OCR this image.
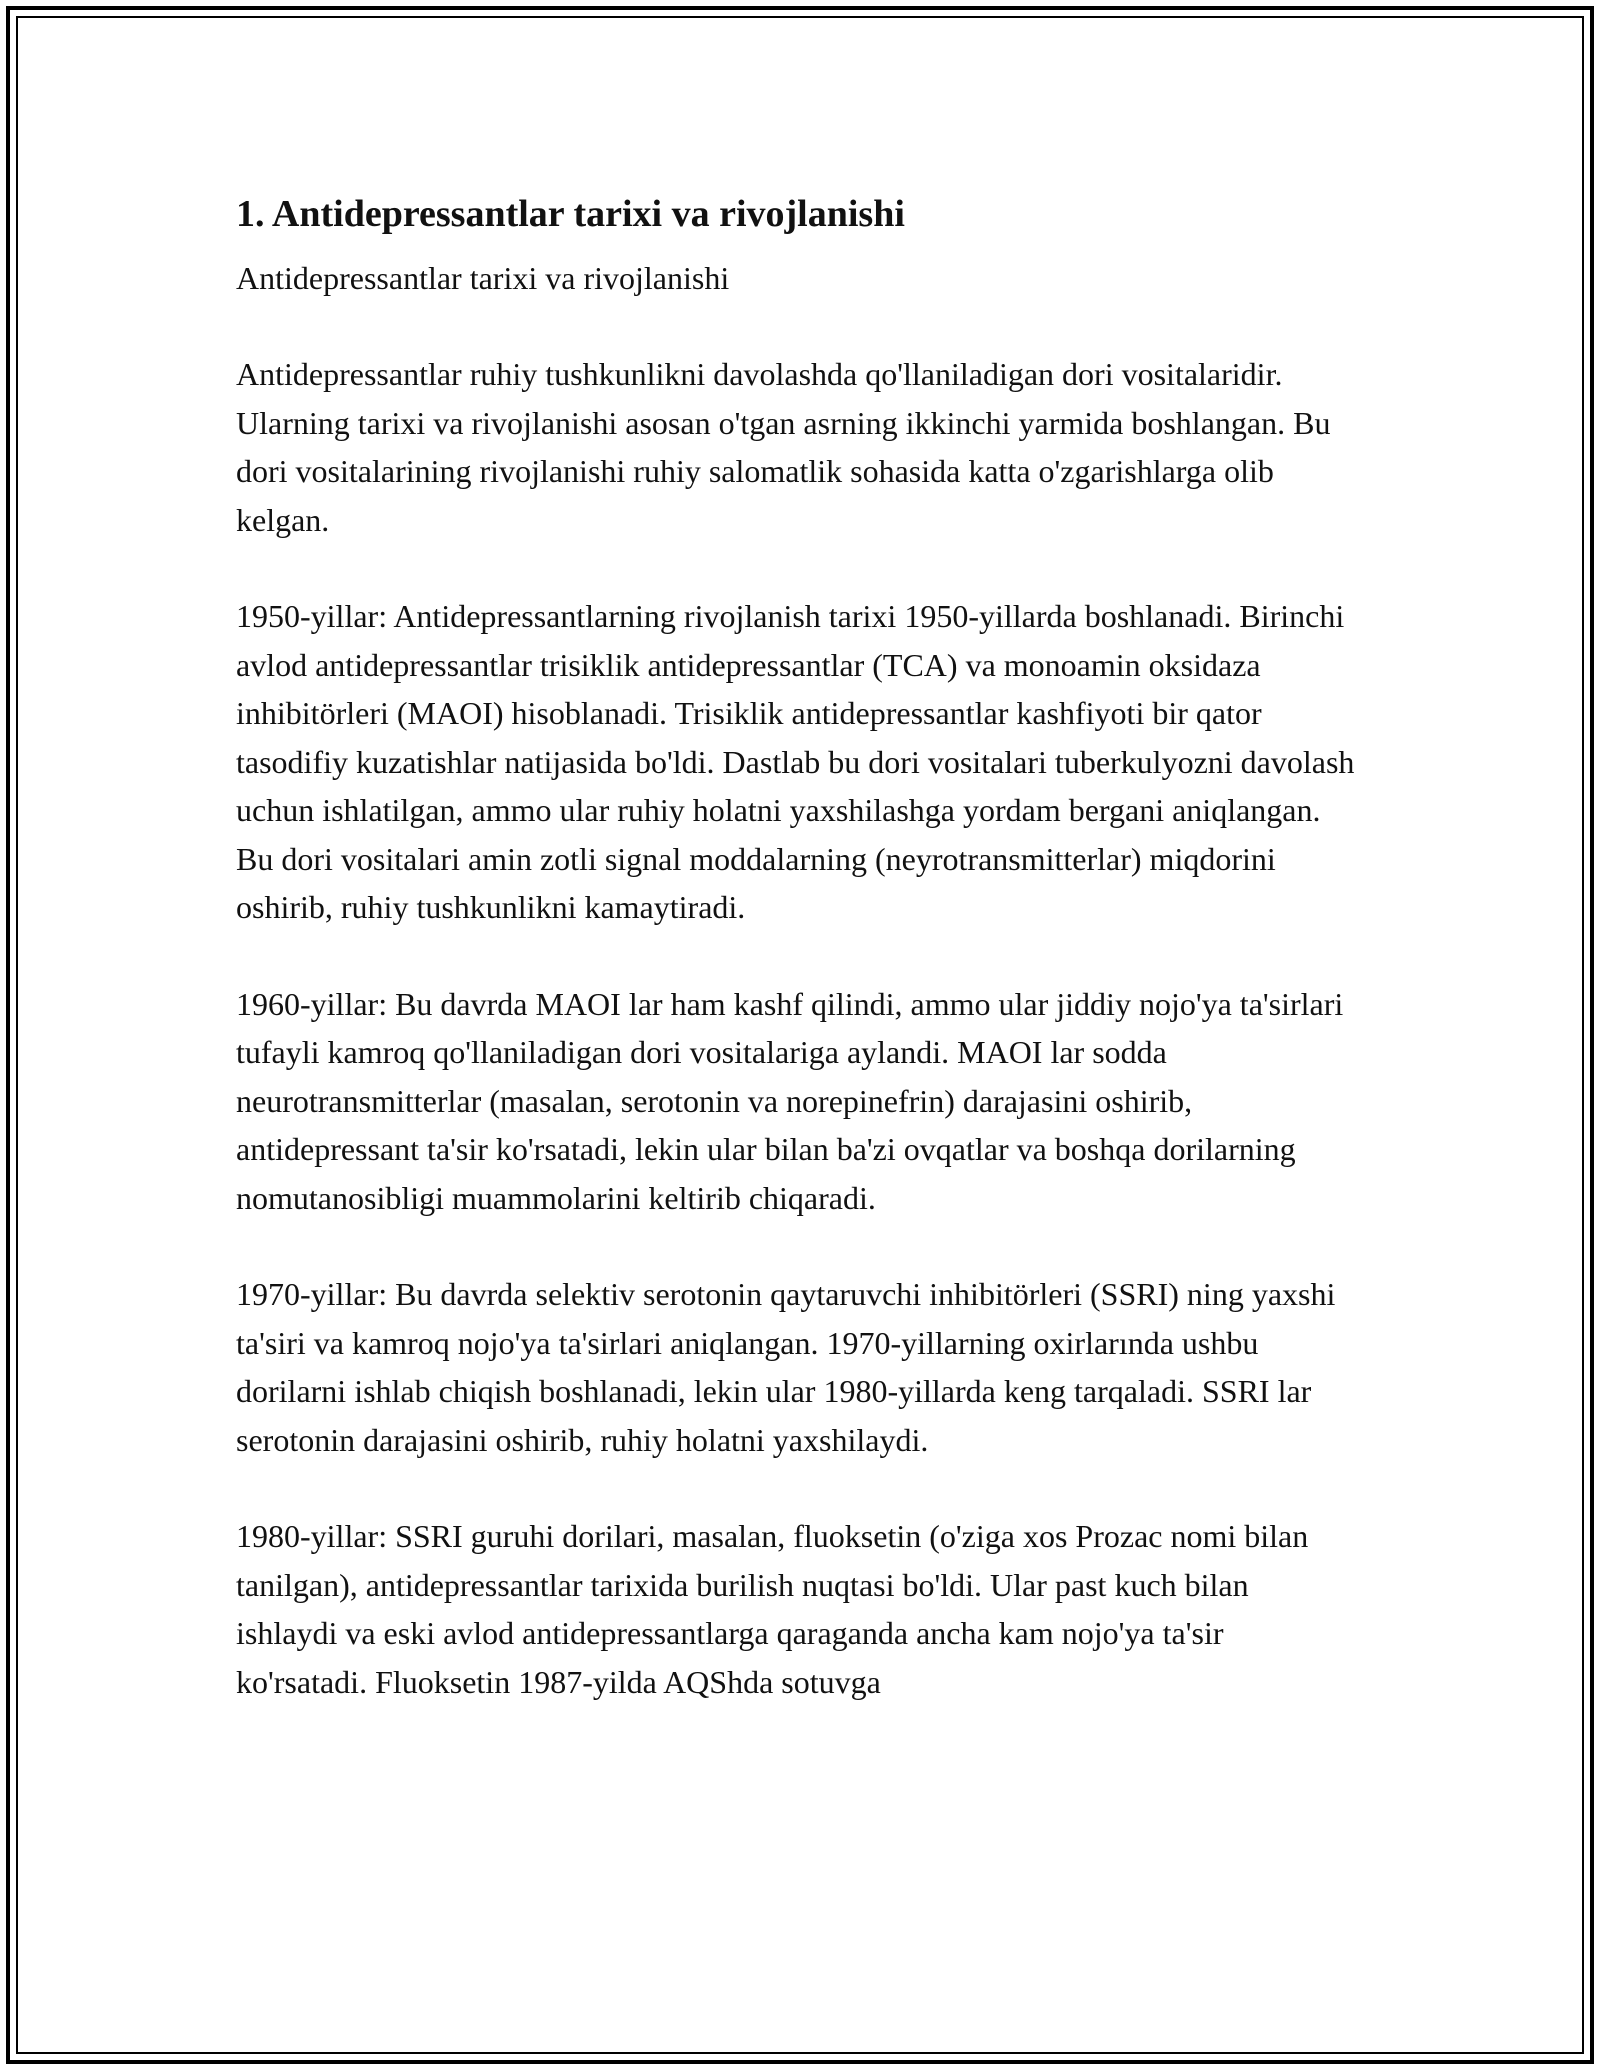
1. Antidepressantlar tarixi va rivojlanishi

Antidepressantlar tarixi va rivojlanishi

Antidepressantlar ruhiy tushkunlikni davolashda qo'llaniladigan dori vositalaridir. Ularning tarixi va rivojlanishi asosan o'tgan asrning ikkinchi yarmida boshlangan. Bu dori vositalarining rivojlanishi ruhiy salomatlik sohasida katta o'zgarishlarga olib kelgan.

1950-yillar: Antidepressantlarning rivojlanish tarixi 1950-yillarda boshlanadi. Birinchi avlod antidepressantlar trisiklik antidepressantlar (TCA) va monoamin oksidaza inhibitörleri (MAOI) hisoblanadi. Trisiklik antidepressantlar kashfiyoti bir qator tasodifiy kuzatishlar natijasida bo'ldi. Dastlab bu dori vositalari tuberkulyozni davolash uchun ishlatilgan, ammo ular ruhiy holatni yaxshilashga yordam bergani aniqlangan. Bu dori vositalari amin zotli signal moddalarning (neyrotransmitterlar) miqdorini oshirib, ruhiy tushkunlikni kamaytiradi.

1960-yillar: Bu davrda MAOI lar ham kashf qilindi, ammo ular jiddiy nojo'ya ta'sirlari tufayli kamroq qo'llaniladigan dori vositalariga aylandi. MAOI lar sodda neurotransmitterlar (masalan, serotonin va norepinefrin) darajasini oshirib, antidepressant ta'sir ko'rsatadi, lekin ular bilan ba'zi ovqatlar va boshqa dorilarning nomutanosibligi muammolarini keltirib chiqaradi.

1970-yillar: Bu davrda selektiv serotonin qaytaruvchi inhibitörleri (SSRI) ning yaxshi ta'siri va kamroq nojo'ya ta'sirlari aniqlangan. 1970-yillarning oxirlarında ushbu dorilarni ishlab chiqish boshlanadi, lekin ular 1980-yillarda keng tarqaladi. SSRI lar serotonin darajasini oshirib, ruhiy holatni yaxshilaydi.

1980-yillar: SSRI guruhi dorilari, masalan, fluoksetin (o'ziga xos Prozac nomi bilan tanilgan), antidepressantlar tarixida burilish nuqtasi bo'ldi. Ular past kuch bilan ishlaydi va eski avlod antidepressantlarga qaraganda ancha kam nojo'ya ta'sir ko'rsatadi. Fluoksetin 1987-yilda AQShda sotuvga
